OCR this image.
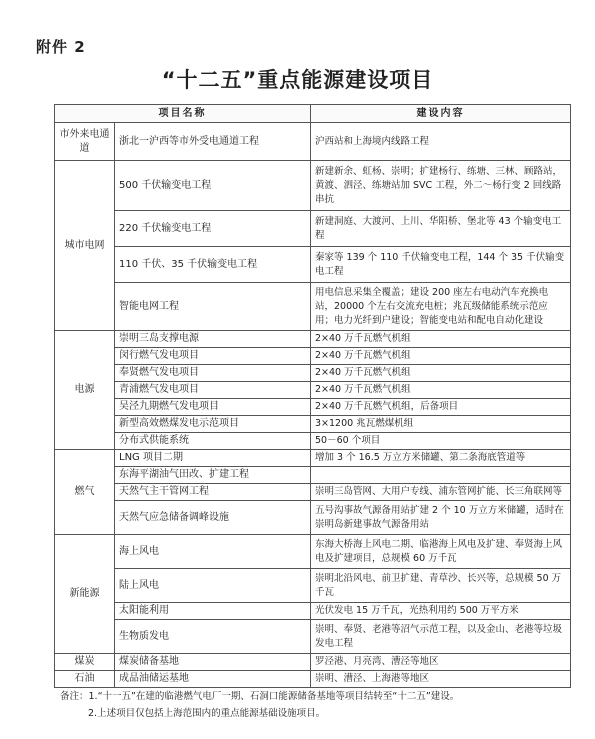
附件 2
“十二五”重点能源建设项目
项目名称		建设内容
市外来电通道	浙北一沪西等市外受电通道工程	沪西站和上海境内线路工程
城市电网	500 千伏输变电工程	新建新余、虹杨、崇明；扩建杨行、练塘、三林、顾路站，黄渡、泗泾、练塘站加 SVC 工程，外二～杨行变 2 回线路串抗
	220 千伏输变电工程	新建洞庭、大渡河、上川、华阳桥、堡北等 43 个输变电工程
	110 千伏、35 千伏输变电工程	秦家等 139 个 110 千伏输变电工程，144 个 35 千伏输变电工程
	智能电网工程	用电信息采集全覆盖；建设 200 座左右电动汽车充换电站，20000 个左右交流充电桩；兆瓦级储能系统示范应用；电力光纤到户建设；智能变电站和配电自动化建设
电源	崇明三岛支撑电源	2×40 万千瓦燃气机组
	闵行燃气发电项目	2×40 万千瓦燃气机组
	奉贤燃气发电项目	2×40 万千瓦燃气机组
	青浦燃气发电项目	2×40 万千瓦燃气机组
	吴泾九期燃气发电项目	2×40 万千瓦燃气机组，后备项目
	新型高效燃煤发电示范项目	3×1200 兆瓦燃煤机组
	分布式供能系统	50－60 个项目
燃气	LNG 项目二期	增加 3 个 16.5 万立方米储罐、第二条海底管道等
	东海平湖油气田改、扩建工程	
	天然气主干管网工程	崇明三岛管网、大用户专线、浦东管网扩能、长三角联网等
	天然气应急储备调峰设施	五号沟事故气源备用站扩建 2 个 10 万立方米储罐，适时在崇明岛新建事故气源备用站
新能源	海上风电	东海大桥海上风电二期、临港海上风电及扩建、奉贤海上风电及扩建项目，总规模 60 万千瓦
	陆上风电	崇明北沿风电、前卫扩建、青草沙、长兴等，总规模 50 万千瓦
	太阳能利用	光伏发电 15 万千瓦，光热利用约 500 万平方米
	生物质发电	崇明、奉贤、老港等沼气示范工程，以及金山、老港等垃圾发电工程
煤炭	煤炭储备基地	罗泾港、月亮湾、漕泾等地区
石油	成品油储运基地	崇明、漕泾、上海港等地区
备注：1.“十一五”在建的临港燃气电厂一期、石洞口能源储备基地等项目结转至“十二五”建设。
2.上述项目仅包括上海范围内的重点能源基础设施项目。
